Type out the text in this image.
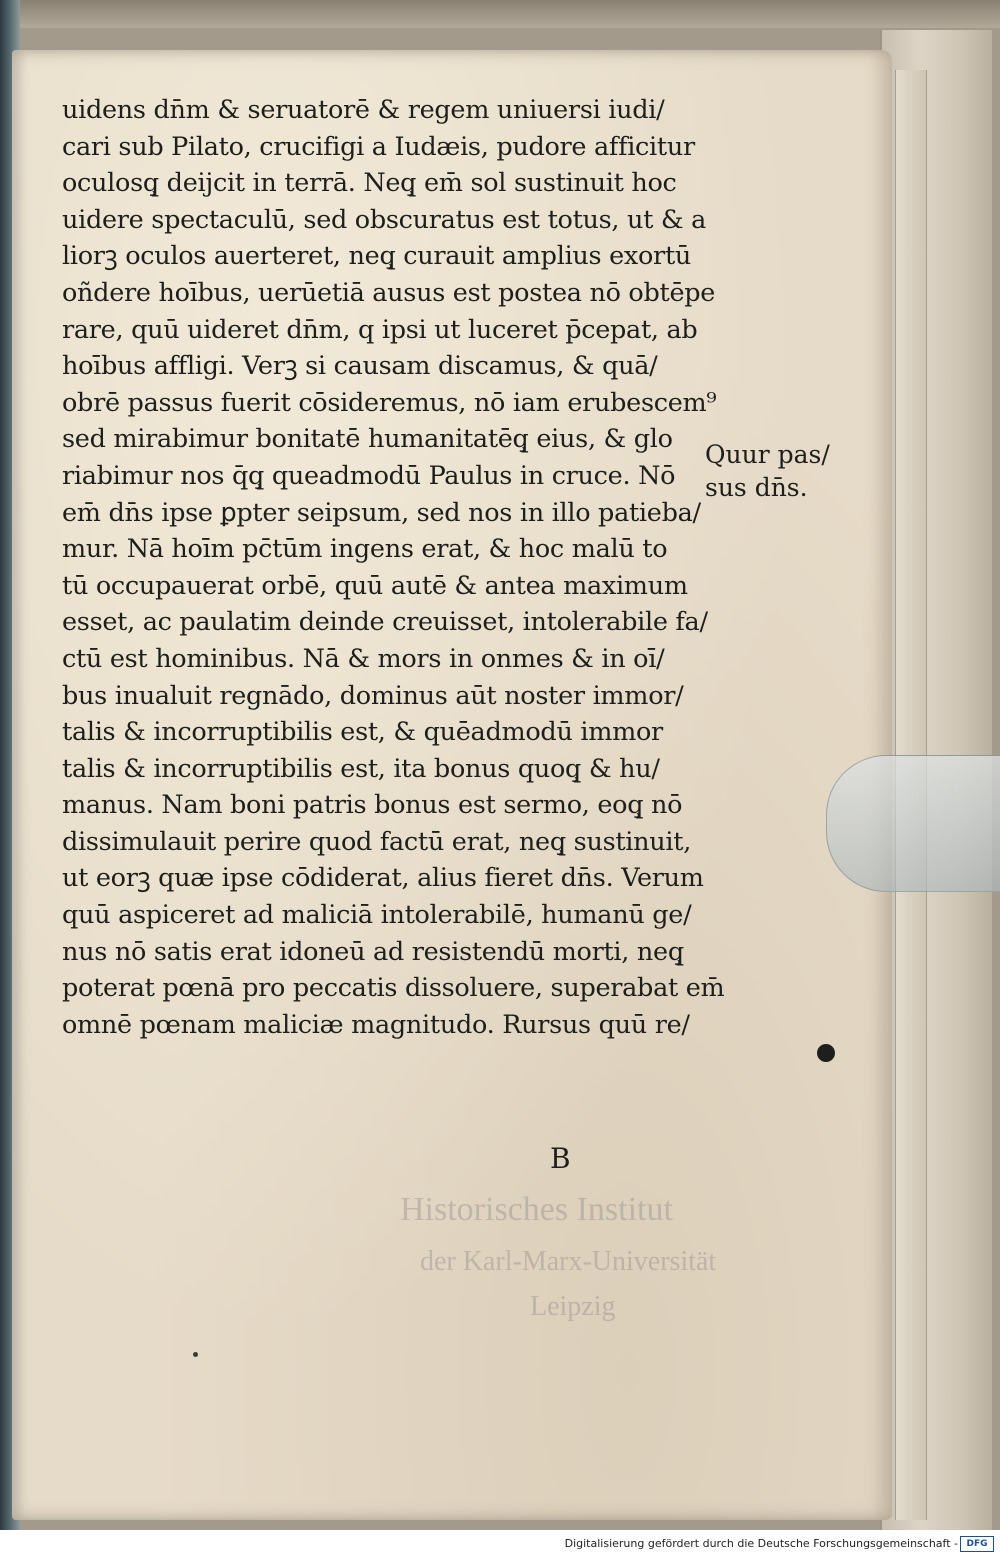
uidens dn̄m & seruatorē & regem uniuersi iudi/
cari sub Pilato, crucifigi a Iudæis, pudore afficitur
oculosq̧ deijcit in terrā. Neq̧ em̄ sol sustinuit hoc
uidere spectaculū, sed obscuratus est totus, ut & a
liorꝫ oculos auerteret, neq̧ curauit amplius exortū
oñdere hoībus, uerūetiā ausus est postea nō obtēpe
rare, quū uideret dn̄m, q ipsi ut luceret p̄cepat, ab
hoībus affligi. Verꝫ si causam discamus, & quā/
obrē passus fuerit cōsideremus, nō iam erubescem⁹
sed mirabimur bonitatē humanitatēq̧ eius, & glo
riabimur nos q̄q̧ queadmodū Paulus in cruce. Nō
em̄ dn̄s ipse ꝑpter seipsum, sed nos in illo patieba/
mur. Nā hoīm pc̄tūm ingens erat, & hoc malū to
tū occupauerat orbē, quū autē & antea maximum
esset, ac paulatim deinde creuisset, intolerabile fa/
ctū est hominibus. Nā & mors in onmes & in oī/
bus inualuit regnādo, dominus aūt noster immor/
talis & incorruptibilis est, & quēadmodū immor
talis & incorruptibilis est, ita bonus quoq̧ & hu/
manus. Nam boni patris bonus est sermo, eoq̧ nō
dissimulauit perire quod factū erat, neq̧ sustinuit,
ut eorꝫ quæ ipse cōdiderat, alius fieret dn̄s. Verum
quū aspiceret ad maliciā intolerabilē, humanū ge/
nus nō satis erat idoneū ad resistendū morti, neq̧
poterat pœnā pro peccatis dissoluere, superabat em̄
omnē pœnam maliciæ magnitudo. Rursus quū re/
Quur pas/
sus dn̄s.
B
Historisches Institut
der Karl-Marx-Universität
Leipzig
Digitalisierung gefördert durch die Deutsche Forschungsgemeinschaft - DFG
